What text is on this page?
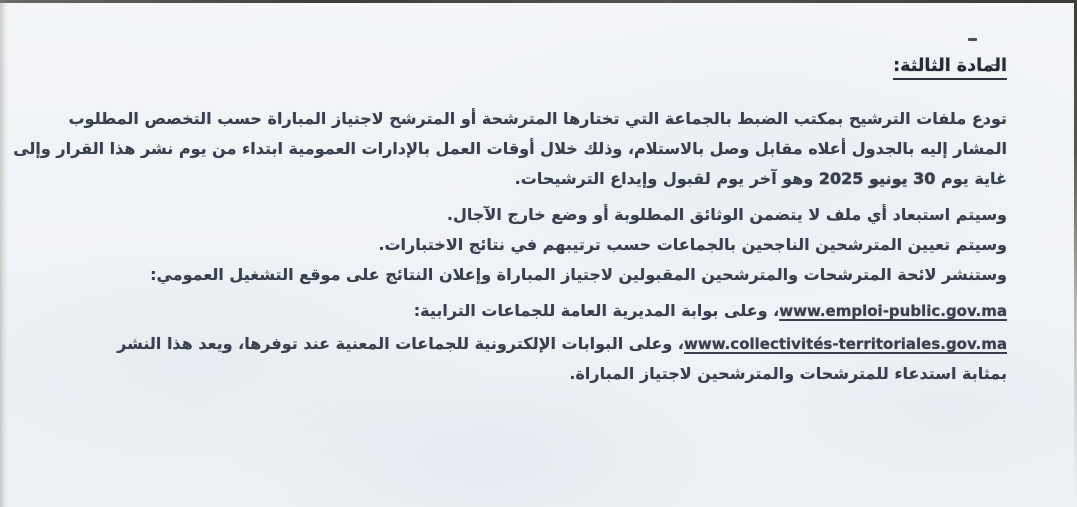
المادة الثالثة:
تودع ملفات الترشيح بمكتب الضبط بالجماعة التي تختارها المترشحة أو المترشح لاجتياز المباراة حسب التخصص المطلوب
المشار إليه بالجدول أعلاه مقابل وصل بالاستلام، وذلك خلال أوقات العمل بالإدارات العمومية ابتداء من يوم نشر هذا القرار وإلى
غاية يوم 30 يونيو 2025 وهو آخر يوم لقبول وإيداع الترشيحات.
وسيتم استبعاد أي ملف لا يتضمن الوثائق المطلوبة أو وضع خارج الآجال.
وسيتم تعيين المترشحين الناجحين بالجماعات حسب ترتيبهم في نتائج الاختبارات.
وستنشر لائحة المترشحات والمترشحين المقبولين لاجتياز المباراة وإعلان النتائج على موقع التشغيل العمومي:
www.emploi-public.gov.ma، وعلى بوابة المديرية العامة للجماعات الترابية:
www.collectivités-territoriales.gov.ma، وعلى البوابات الإلكترونية للجماعات المعنية عند توفرها، ويعد هذا النشر
بمثابة استدعاء للمترشحات والمترشحين لاجتياز المباراة.
